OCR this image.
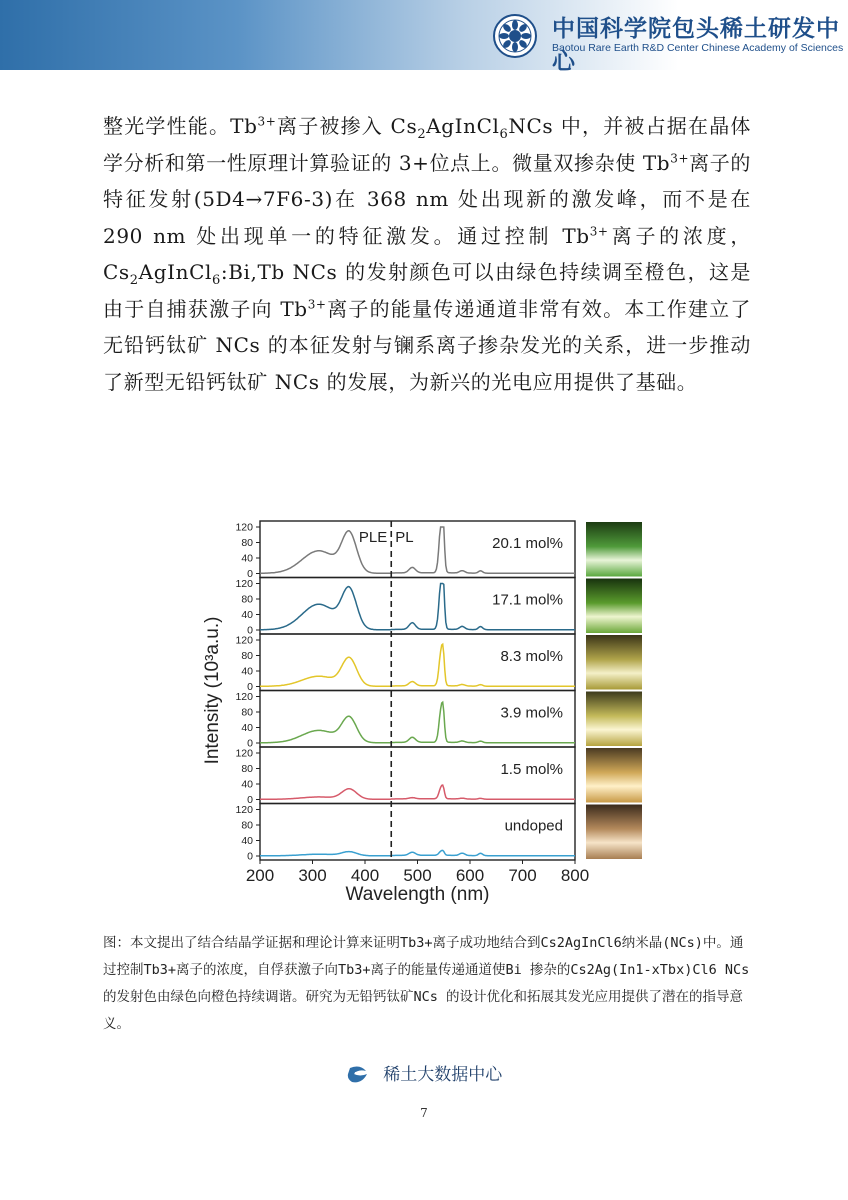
中国科学院包头稀土研发中心
Baotou Rare Earth R&D Center Chinese Academy of Sciences

整光学性能。$Tb^{3+}$离子被掺入 $Cs_2AgInCl_6NCs$ 中，并被占据在晶体学分析和第一性原理计算验证的 3+位点上。微量双掺杂使 $Tb^{3+}$离子的特征发射(5D4→7F6-3)在 368 nm 处出现新的激发峰，而不是在 290 nm 处出现单一的特征激发。通过控制 $Tb^{3+}$离子的浓度，$Cs_2AgInCl_6:Bi,Tb$ NCs 的发射颜色可以由绿色持续调至橙色，这是由于自捕获激子向 $Tb^{3+}$离子的能量传递通道非常有效。本工作建立了无铅钙钛矿 NCs 的本征发射与镧系离子掺杂发光的关系，进一步推动了新型无铅钙钛矿 NCs 的发展，为新兴的光电应用提供了基础。

0
40
80
120
20.1 mol%
0
40
80
120
17.1 mol%
0
40
80
120
8.3 mol%
0
40
80
120
3.9 mol%
0
40
80
120
1.5 mol%
0
40
80
120
undoped
PLE PL
200 300 400 500 600 700 800
Wavelength (nm)
Intensity (10³a.u.)

图：本文提出了结合结晶学证据和理论计算来证明Tb3+离子成功地结合到Cs2AgInCl6纳米晶(NCs)中。通过控制Tb3+离子的浓度，自俘获激子向Tb3+离子的能量传递通道使Bi 掺杂的Cs2Ag(In1-xTbx)Cl6 NCs 的发射色由绿色向橙色持续调谐。研究为无铅钙钛矿NCs 的设计优化和拓展其发光应用提供了潜在的指导意义。

稀土大数据中心
7
